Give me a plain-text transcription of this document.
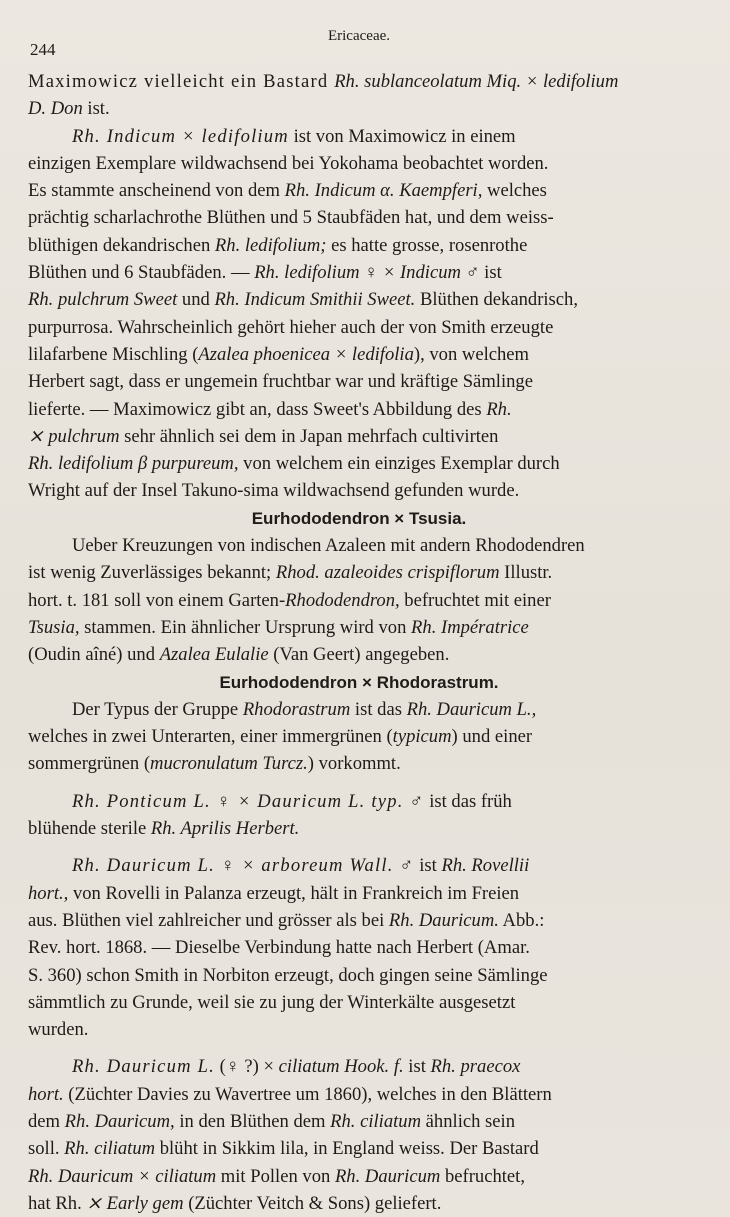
244
Ericaceae.
Maximowicz vielleicht ein Bastard Rh. sublanceolatum Miq. × ledifolium
D. Don ist.
Rh. Indicum × ledifolium ist von Maximowicz in einem
einzigen Exemplare wildwachsend bei Yokohama beobachtet worden.
Es stammte anscheinend von dem Rh. Indicum α. Kaempferi, welches
prächtig scharlachrothe Blüthen und 5 Staubfäden hat, und dem weiss-
blüthigen dekandrischen Rh. ledifolium; es hatte grosse, rosenrothe
Blüthen und 6 Staubfäden. — Rh. ledifolium ♀ × Indicum ♂ ist
Rh. pulchrum Sweet und Rh. Indicum Smithii Sweet. Blüthen dekandrisch,
purpurrosa. Wahrscheinlich gehört hieher auch der von Smith erzeugte
lilafarbene Mischling (Azalea phoenicea × ledifolia), von welchem
Herbert sagt, dass er ungemein fruchtbar war und kräftige Sämlinge
lieferte. — Maximowicz gibt an, dass Sweet's Abbildung des Rh.
⨯ pulchrum sehr ähnlich sei dem in Japan mehrfach cultivirten
Rh. ledifolium β purpureum, von welchem ein einziges Exemplar durch
Wright auf der Insel Takuno-sima wildwachsend gefunden wurde.
Eurhododendron × Tsusia.
Ueber Kreuzungen von indischen Azaleen mit andern Rhododendren
ist wenig Zuverlässiges bekannt; Rhod. azaleoides crispiflorum Illustr.
hort. t. 181 soll von einem Garten-Rhododendron, befruchtet mit einer
Tsusia, stammen. Ein ähnlicher Ursprung wird von Rh. Impératrice
(Oudin aîné) und Azalea Eulalie (Van Geert) angegeben.
Eurhododendron × Rhodorastrum.
Der Typus der Gruppe Rhodorastrum ist das Rh. Dauricum L.,
welches in zwei Unterarten, einer immergrünen (typicum) und einer
sommergrünen (mucronulatum Turcz.) vorkommt.
Rh. Ponticum L. ♀ × Dauricum L. typ. ♂ ist das früh
blühende sterile Rh. Aprilis Herbert.
Rh. Dauricum L. ♀ × arboreum Wall. ♂ ist Rh. Rovellii
hort., von Rovelli in Palanza erzeugt, hält in Frankreich im Freien
aus. Blüthen viel zahlreicher und grösser als bei Rh. Dauricum. Abb.:
Rev. hort. 1868. — Dieselbe Verbindung hatte nach Herbert (Amar.
S. 360) schon Smith in Norbiton erzeugt, doch gingen seine Sämlinge
sämmtlich zu Grunde, weil sie zu jung der Winterkälte ausgesetzt
wurden.
Rh. Dauricum L. (♀ ?) × ciliatum Hook. f. ist Rh. praecox
hort. (Züchter Davies zu Wavertree um 1860), welches in den Blättern
dem Rh. Dauricum, in den Blüthen dem Rh. ciliatum ähnlich sein
soll. Rh. ciliatum blüht in Sikkim lila, in England weiss. Der Bastard
Rh. Dauricum × ciliatum mit Pollen von Rh. Dauricum befruchtet,
hat Rh. ⨯ Early gem (Züchter Veitch & Sons) geliefert.
